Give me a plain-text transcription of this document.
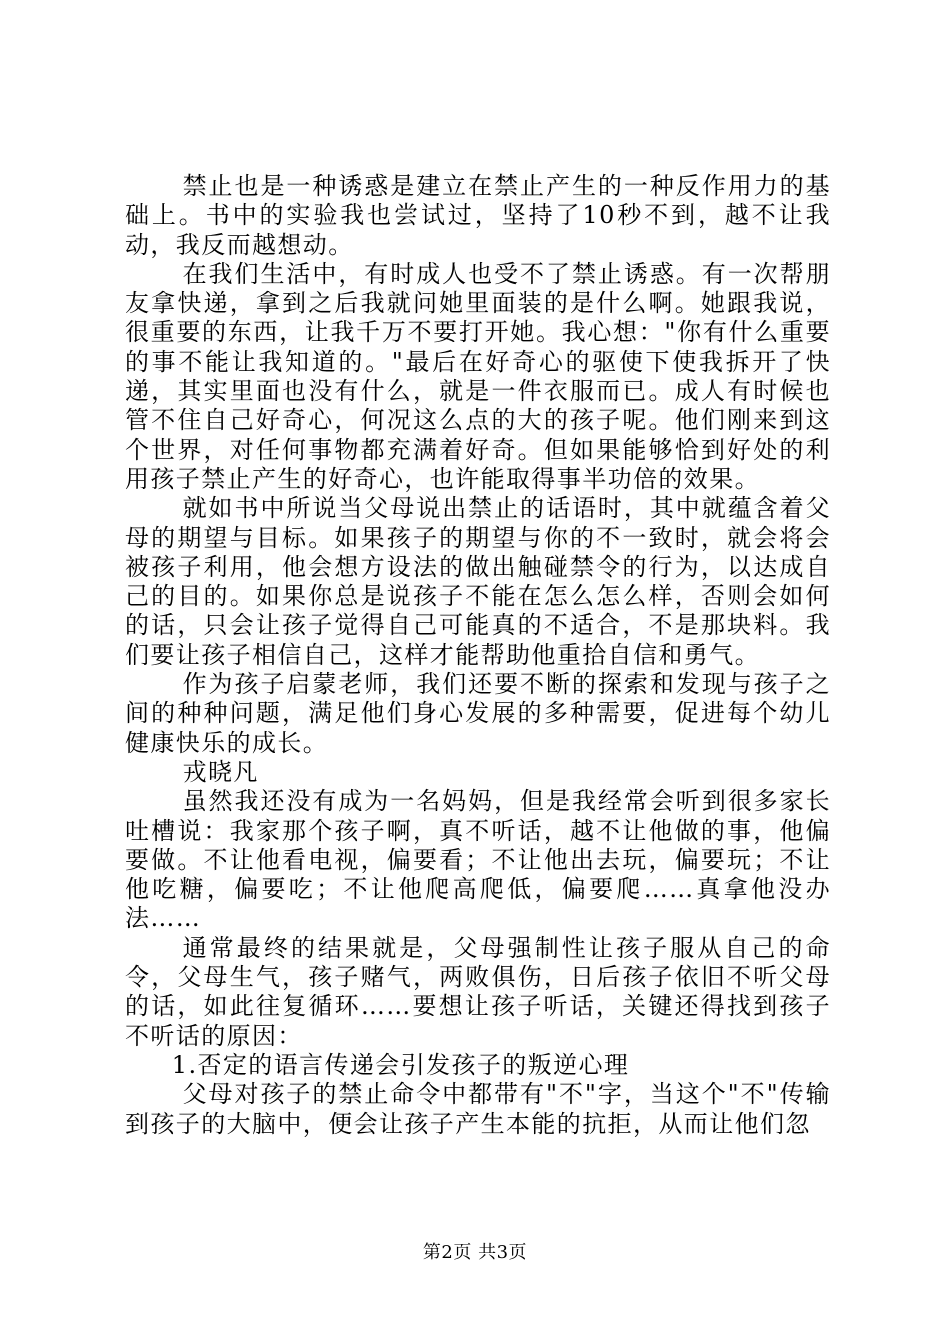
禁止也是一种诱惑是建立在禁止产生的一种反作用力的基础上。书中的实验我也尝试过，坚持了10秒不到，越不让我动，我反而越想动。

在我们生活中，有时成人也受不了禁止诱惑。有一次帮朋友拿快递，拿到之后我就问她里面装的是什么啊。她跟我说，很重要的东西，让我千万不要打开她。我心想："你有什么重要的事不能让我知道的。"最后在好奇心的驱使下使我拆开了快递，其实里面也没有什么，就是一件衣服而已。成人有时候也管不住自己好奇心，何况这么点的大的孩子呢。他们刚来到这个世界，对任何事物都充满着好奇。但如果能够恰到好处的利用孩子禁止产生的好奇心，也许能取得事半功倍的效果。

就如书中所说当父母说出禁止的话语时，其中就蕴含着父母的期望与目标。如果孩子的期望与你的不一致时，就会将会被孩子利用，他会想方设法的做出触碰禁令的行为，以达成自己的目的。如果你总是说孩子不能在怎么怎么样，否则会如何的话，只会让孩子觉得自己可能真的不适合，不是那块料。我们要让孩子相信自己，这样才能帮助他重拾自信和勇气。

作为孩子启蒙老师，我们还要不断的探索和发现与孩子之间的种种问题，满足他们身心发展的多种需要，促进每个幼儿健康快乐的成长。

戎晓凡

虽然我还没有成为一名妈妈，但是我经常会听到很多家长吐槽说：我家那个孩子啊，真不听话，越不让他做的事，他偏要做。不让他看电视，偏要看；不让他出去玩，偏要玩；不让他吃糖，偏要吃；不让他爬高爬低，偏要爬……真拿他没办法……

通常最终的结果就是，父母强制性让孩子服从自己的命令，父母生气，孩子赌气，两败俱伤，日后孩子依旧不听父母的话，如此往复循环……要想让孩子听话，关键还得找到孩子不听话的原因：

1.否定的语言传递会引发孩子的叛逆心理

父母对孩子的禁止命令中都带有"不"字，当这个"不"传输到孩子的大脑中，便会让孩子产生本能的抗拒，从而让他们忽

第2页 共3页
